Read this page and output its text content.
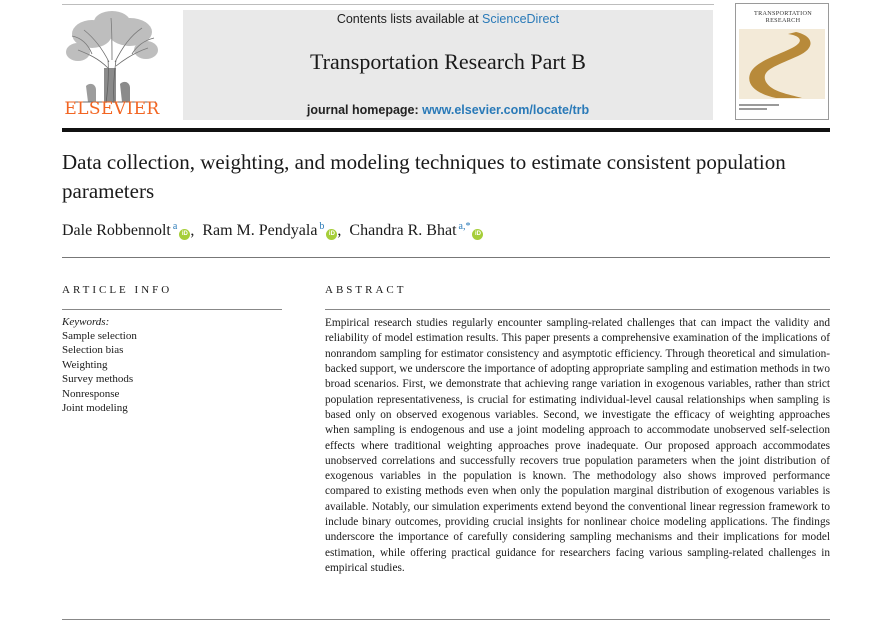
ELSEVIER
Contents lists available at ScienceDirect
Transportation Research Part B
journal homepage: www.elsevier.com/locate/trb
TRANSPORTATION
RESEARCH
Data collection, weighting, and modeling techniques to estimate consistent population parameters
Dale Robbennolt $^a$iD , Ram M. Pendyala $^b$iD , Chandra R. Bhat $^{a,*}$iD
ARTICLE INFO
Keywords:
Sample selection
Selection bias
Weighting
Survey methods
Nonresponse
Joint modeling
ABSTRACT

Empirical research studies regularly encounter sampling-related challenges that can impact the validity and reliability of model estimation results. This paper presents a comprehensive examination of the implications of nonrandom sampling for estimator consistency and asymptotic efficiency. Through theoretical and simulation-backed support, we underscore the importance of adopting appropriate sampling and estimation methods in two broad scenarios. First, we demonstrate that achieving range variation in exogenous variables, rather than strict population representativeness, is crucial for estimating individual-level causal relationships when sampling is based only on observed exogenous variables. Second, we investigate the efficacy of weighting approaches when sampling is endogenous and use a joint modeling approach to accommodate unobserved self-selection effects where traditional weighting approaches prove inadequate. Our proposed approach accommodates unobserved correlations and successfully recovers true population parameters when the joint distribution of exogenous variables in the population is known. The methodology also shows improved performance compared to existing methods even when only the population marginal distribution of exogenous variables is available. Notably, our simulation experiments extend beyond the conventional linear regression framework to include binary outcomes, providing crucial insights for nonlinear choice modeling applications. The findings underscore the importance of carefully considering sampling mechanisms and their implications for model estimation, while offering practical guidance for researchers facing various sampling-related challenges in empirical studies.
